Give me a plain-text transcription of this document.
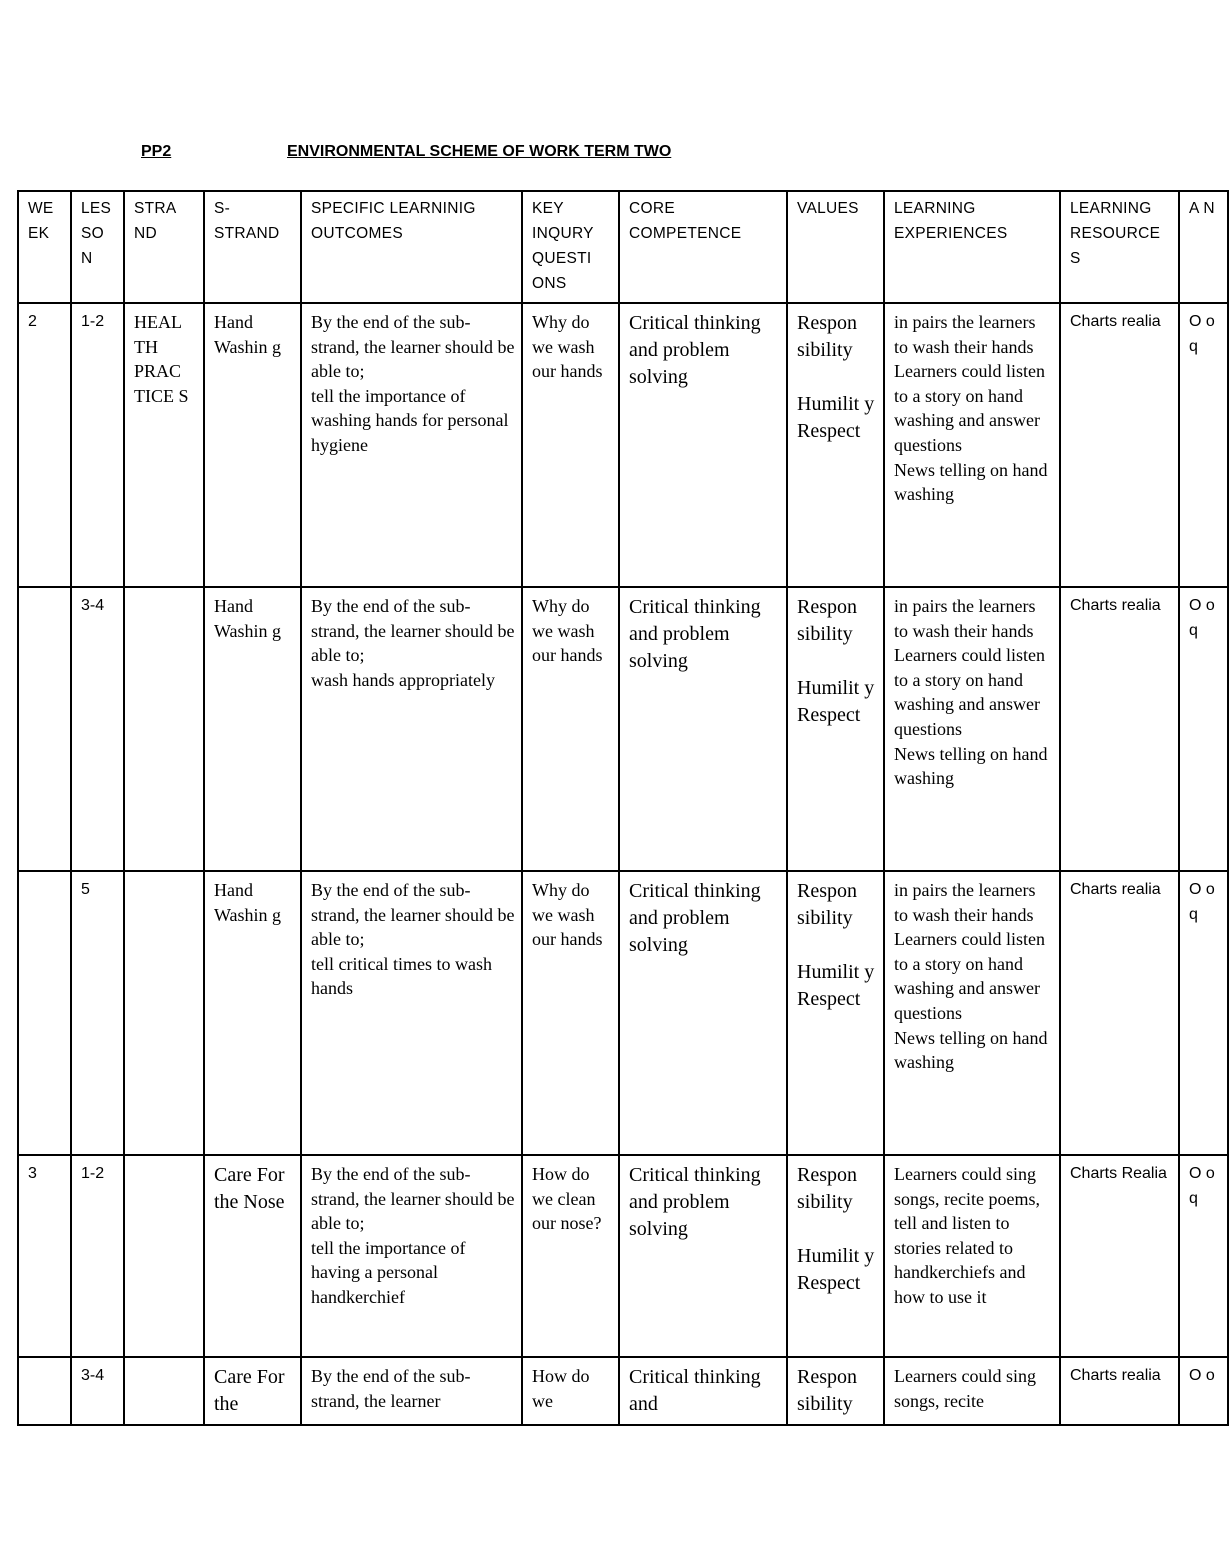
PP2	ENVIRONMENTAL SCHEME OF WORK TERM TWO
WE EK	LES SO N	STRA ND	S- STRAND	SPECIFIC LEARNINIG OUTCOMES	KEY INQURY QUESTI ONS	CORE COMPETENCE	VALUES	LEARNING EXPERIENCES	LEARNING RESOURCE S	A N
2	1-2	HEAL TH PRAC TICE S	Hand Washin g	By the end of the sub-strand, the learner should be able to;
tell the importance of washing hands for personal hygiene	Why do we wash our hands	Critical thinking and problem solving	Respon sibility

Humilit y
Respect	in pairs the learners to wash their hands
Learners could listen to a story on hand washing and answer questions
News telling on hand washing	Charts realia	O o q
	3-4		Hand Washin g	By the end of the sub-strand, the learner should be able to;
wash hands appropriately	Why do we wash our hands	Critical thinking and problem solving	Respon sibility

Humilit y
Respect	in pairs the learners to wash their hands
Learners could listen to a story on hand washing and answer questions
News telling on hand washing	Charts realia	O o q
	5		Hand Washin g	By the end of the sub-strand, the learner should be able to;
tell critical times to wash hands	Why do we wash our hands	Critical thinking and problem solving	Respon sibility

Humilit y
Respect	in pairs the learners to wash their hands
Learners could listen to a story on hand washing and answer questions
News telling on hand washing	Charts realia	O o q
3	1-2		Care For the Nose	By the end of the sub-strand, the learner should be able to;
tell the importance of having a personal handkerchief	How do we clean our nose?	Critical thinking and problem solving	Respon sibility

Humilit y
Respect	Learners could sing songs, recite poems, tell and listen to stories related to handkerchiefs and how to use it	Charts Realia	O o q
	3-4		Care For the	By the end of the sub-strand, the learner	How do we	Critical thinking and	Respon sibility	Learners could sing songs, recite	Charts realia	O o
